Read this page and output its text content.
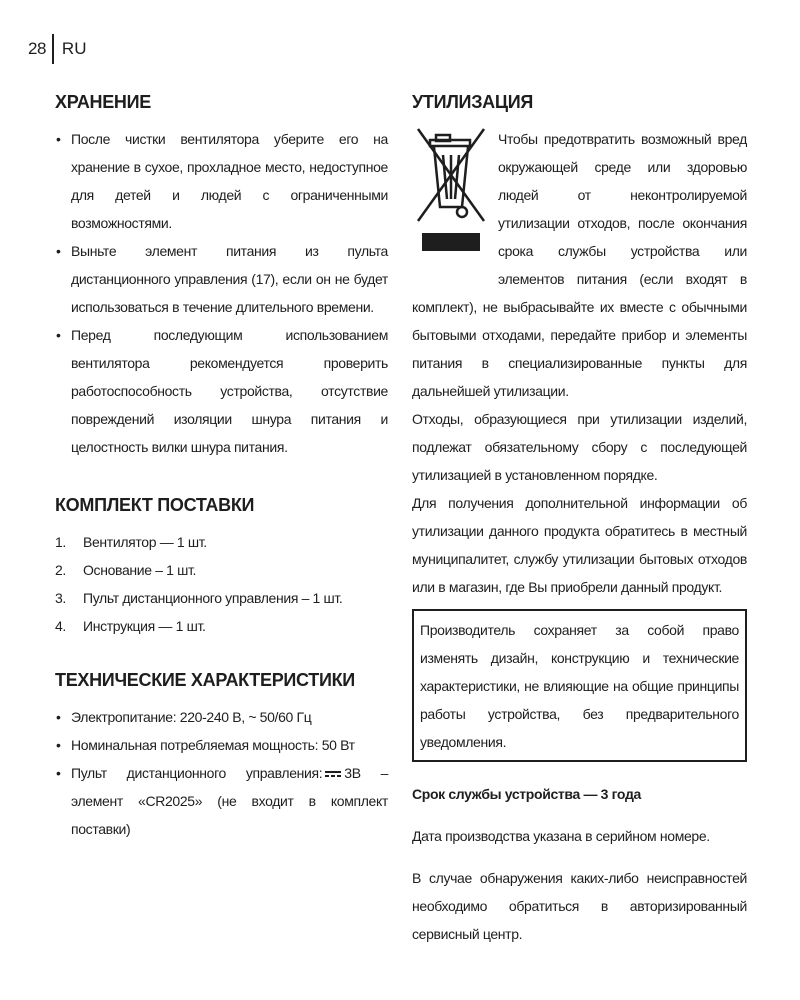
28 RU
ХРАНЕНИЕ
• После чистки вентилятора уберите его на хранение в сухое, прохладное место, недоступное для детей и людей с ограниченными возможностями.
• Выньте элемент питания из пульта дистанционного управления (17), если он не будет использоваться в течение длительного времени.
• Перед последующим использованием вентилятора рекомендуется проверить работоспособность устройства, отсутствие повреждений изоляции шнура питания и целостность вилки шнура питания.
КОМПЛЕКТ ПОСТАВКИ
1.	Вентилятор — 1 шт.
2.	Основание – 1 шт.
3.	Пульт дистанционного управления – 1 шт.
4.	Инструкция — 1 шт.
ТЕХНИЧЕСКИЕ ХАРАКТЕРИСТИКИ
• Электропитание: 220-240 В, ~ 50/60 Гц
• Номинальная потребляемая мощность: 50 Вт
• Пульт дистанционного управления: 3В – элемент «CR2025» (не входит в комплект поставки)
УТИЛИЗАЦИЯ
Чтобы предотвратить возможный вред окружающей среде или здоровью людей от неконтролируемой утилизации отходов, после окончания срока службы устройства или элементов питания (если входят в комплект), не выбрасывайте их вместе с обычными бытовыми отходами, передайте прибор и элементы питания в специализированные пункты для дальнейшей утилизации.
Отходы, образующиеся при утилизации изделий, подлежат обязательному сбору с последующей утилизацией в установленном порядке.
Для получения дополнительной информации об утилизации данного продукта обратитесь в местный муниципалитет, службу утилизации бытовых отходов или в магазин, где Вы приобрели данный продукт.
Производитель сохраняет за собой право изменять дизайн, конструкцию и технические характеристики, не влияющие на общие принципы работы устройства, без предварительного уведомления.
Срок службы устройства — 3 года
Дата производства указана в серийном номере.
В случае обнаружения каких-либо неисправностей необходимо обратиться в авторизированный сервисный центр.
